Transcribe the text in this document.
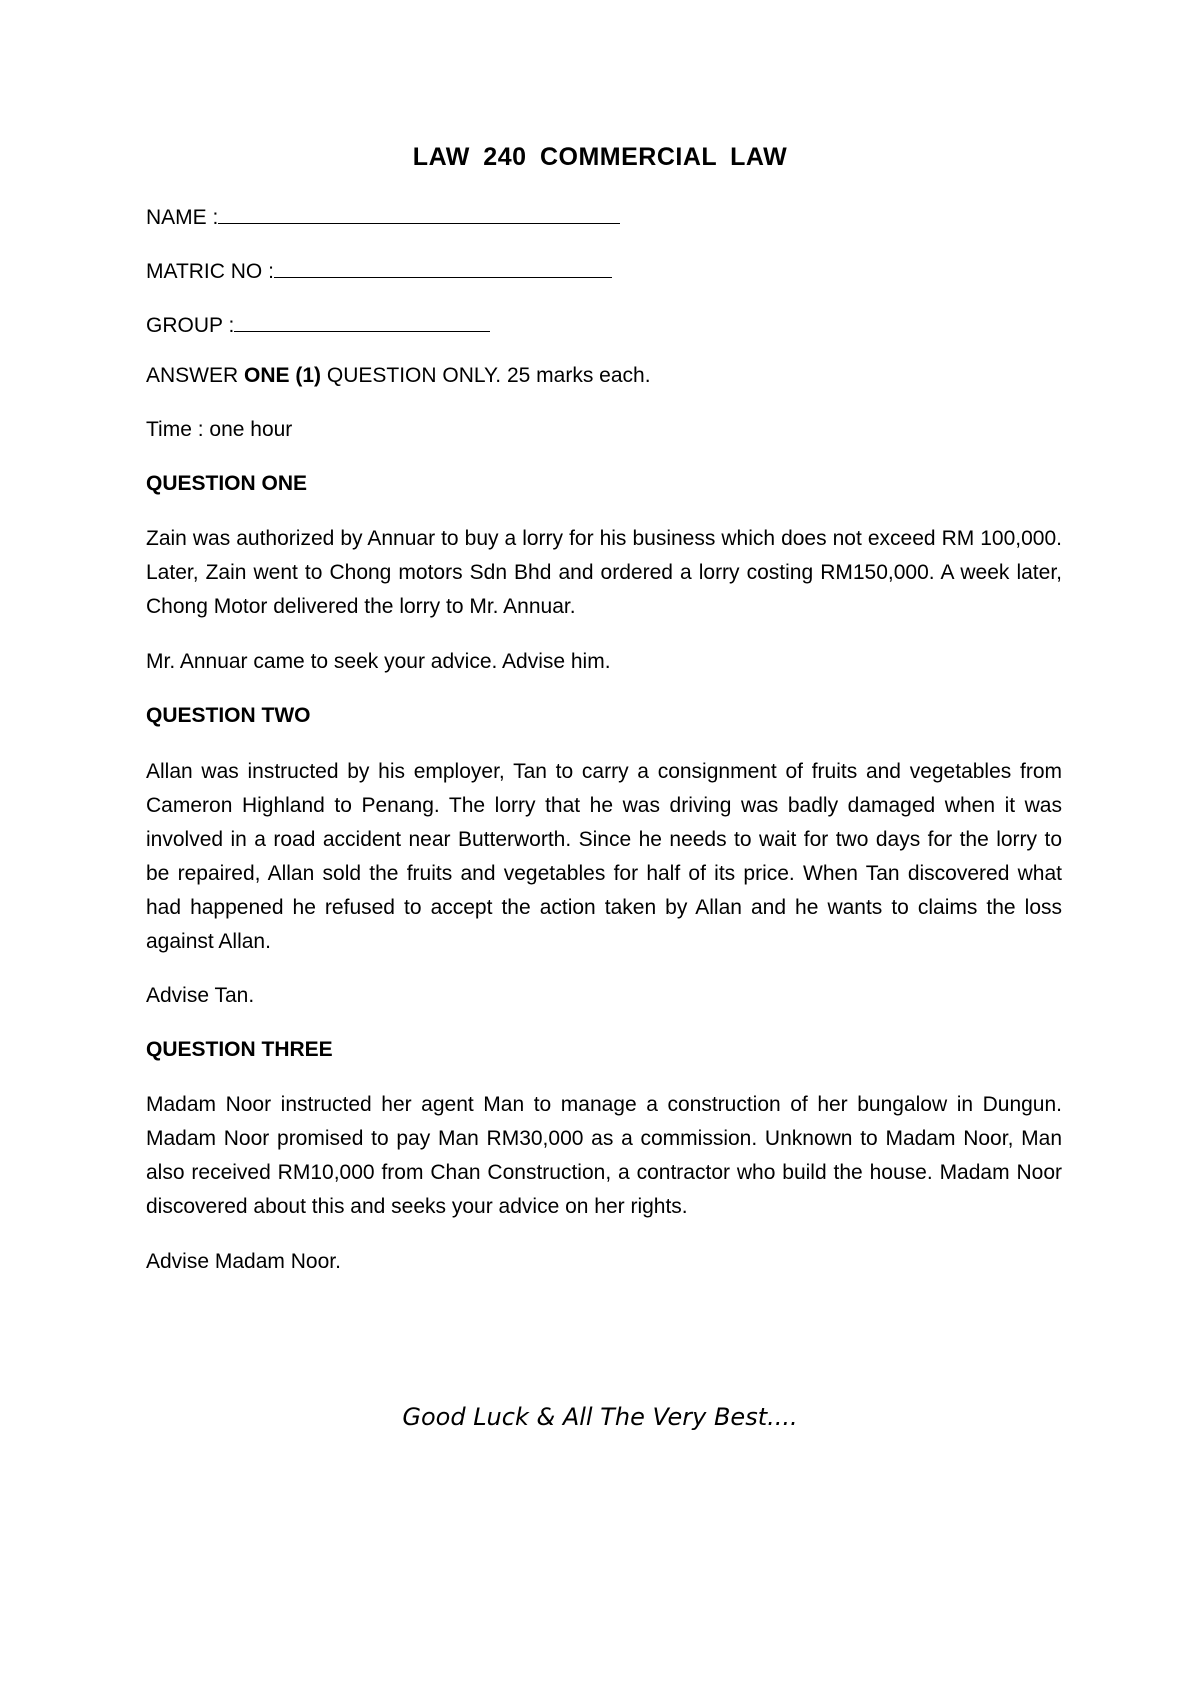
LAW 240 COMMERCIAL LAW
NAME :
MATRIC NO :
GROUP :
ANSWER ONE (1) QUESTION ONLY. 25 marks each.
Time : one hour
QUESTION ONE

Zain was authorized by Annuar to buy a lorry for his business which does not exceed RM 100,000. Later, Zain went to Chong motors Sdn Bhd and ordered a lorry costing RM150,000. A week later, Chong Motor delivered the lorry to Mr. Annuar.

Mr. Annuar came to seek your advice. Advise him.
QUESTION TWO

Allan was instructed by his employer, Tan to carry a consignment of fruits and vegetables from Cameron Highland to Penang. The lorry that he was driving was badly damaged when it was involved in a road accident near Butterworth. Since he needs to wait for two days for the lorry to be repaired, Allan sold the fruits and vegetables for half of its price. When Tan discovered what had happened he refused to accept the action taken by Allan and he wants to claims the loss against Allan.

Advise Tan.
QUESTION THREE

Madam Noor instructed her agent Man to manage a construction of her bungalow in Dungun. Madam Noor promised to pay Man RM30,000 as a commission. Unknown to Madam Noor, Man also received RM10,000 from Chan Construction, a contractor who build the house. Madam Noor discovered about this and seeks your advice on her rights.

Advise Madam Noor.
Good Luck & All The Very Best....
